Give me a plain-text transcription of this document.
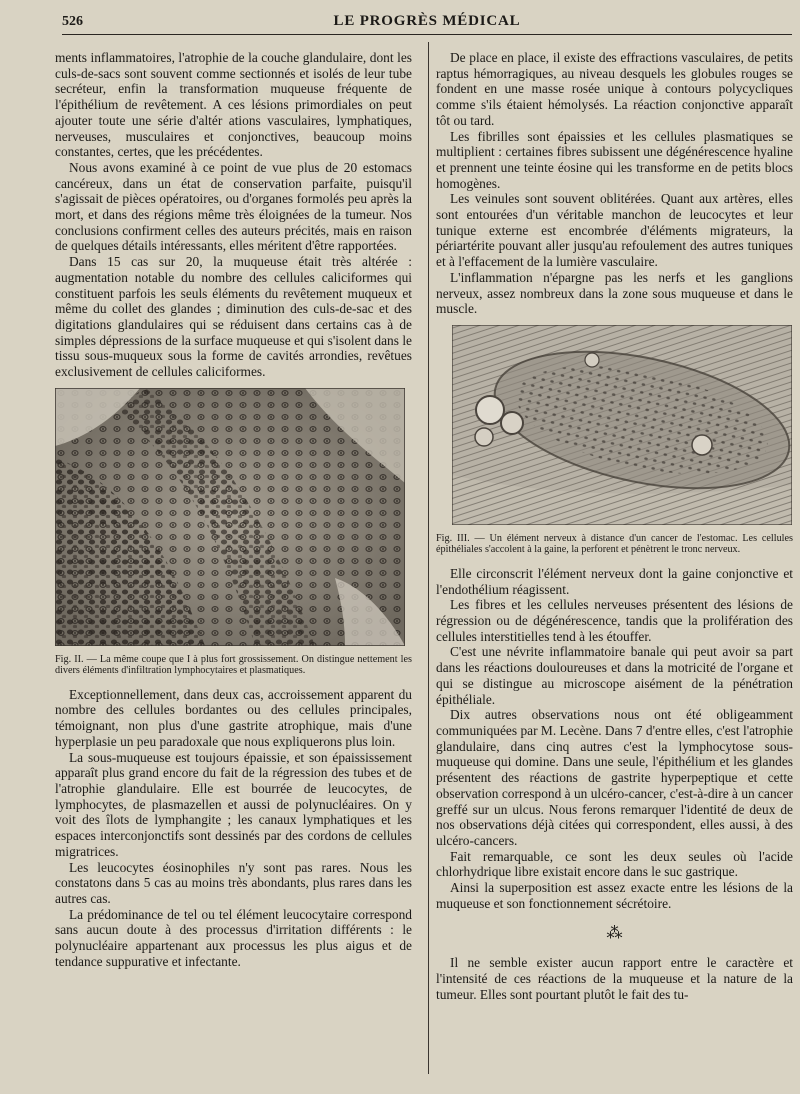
526	LE PROGRÈS MÉDICAL

ments inflammatoires, l'atrophie de la couche glandulaire, dont les culs-de-sacs sont souvent comme sectionnés et isolés de leur tube secréteur, enfin la transformation muqueuse fréquente de l'épithélium de revêtement. A ces lésions primordiales on peut ajouter toute une série d'altér ations vasculaires, lymphatiques, nerveuses, musculaires et conjonctives, beaucoup moins constantes, certes, que les précédentes.

Nous avons examiné à ce point de vue plus de 20 estomacs cancéreux, dans un état de conservation parfaite, puisqu'il s'agissait de pièces opératoires, ou d'organes formolés peu après la mort, et dans des régions même très éloignées de la tumeur. Nos conclusions confirment celles des auteurs précités, mais en raison de quelques détails intéressants, elles méritent d'être rapportées.

Dans 15 cas sur 20, la muqueuse était très altérée : augmentation notable du nombre des cellules caliciformes qui constituent parfois les seuls éléments du revêtement muqueux et même du collet des glandes ; diminution des culs-de-sac et des digitations glandulaires qui se réduisent dans certains cas à de simples dépressions de la surface muqueuse et qui s'isolent dans le tissu sous-muqueux sous la forme de cavités arrondies, revêtues exclusivement de cellules caliciformes.

Fig. II. — La même coupe que I à plus fort grossissement. On distingue nettement les divers éléments d'infiltration lymphocytaires et plasmatiques.

Exceptionnellement, dans deux cas, accroissement apparent du nombre des cellules bordantes ou des cellules principales, témoignant, non plus d'une gastrite atrophique, mais d'une hyperplasie un peu paradoxale que nous expliquerons plus loin.

La sous-muqueuse est toujours épaissie, et son épaississement apparaît plus grand encore du fait de la régression des tubes et de l'atrophie glandulaire. Elle est bourrée de leucocytes, de lymphocytes, de plasmazellen et aussi de polynucléaires. On y voit des îlots de lymphangite ; les canaux lymphatiques et les espaces interconjonctifs sont dessinés par des cordons de cellules migratrices.

Les leucocytes éosinophiles n'y sont pas rares. Nous les constatons dans 5 cas au moins très abondants, plus rares dans les autres cas.

La prédominance de tel ou tel élément leucocytaire correspond sans aucun doute à des processus d'irritation différents : le polynucléaire appartenant aux processus les plus aigus et de tendance suppurative et infectante.

De place en place, il existe des effractions vasculaires, de petits raptus hémorragiques, au niveau desquels les globules rouges se fondent en une masse rosée unique à contours polycycliques comme s'ils étaient hémolysés. La réaction conjonctive apparaît tôt ou tard.

Les fibrilles sont épaissies et les cellules plasmatiques se multiplient : certaines fibres subissent une dégénérescence hyaline et prennent une teinte éosine qui les transforme en de petits blocs homogènes.

Les veinules sont souvent oblitérées. Quant aux artères, elles sont entourées d'un véritable manchon de leucocytes et leur tunique externe est encombrée d'éléments migrateurs, la périartérite pouvant aller jusqu'au refoulement des autres tuniques et à l'effacement de la lumière vasculaire.

L'inflammation n'épargne pas les nerfs et les ganglions nerveux, assez nombreux dans la zone sous muqueuse et dans le muscle.

Fig. III. — Un élément nerveux à distance d'un cancer de l'estomac. Les cellules épithéliales s'accolent à la gaine, la perforent et pénètrent le tronc nerveux.

Elle circonscrit l'élément nerveux dont la gaine conjonctive et l'endothélium réagissent.

Les fibres et les cellules nerveuses présentent des lésions de régression ou de dégénérescence, tandis que la prolifération des cellules interstitielles tend à les étouffer.

C'est une névrite inflammatoire banale qui peut avoir sa part dans les réactions douloureuses et dans la motricité de l'organe et qui se distingue au microscope aisément de la pénétration épithéliale.

Dix autres observations nous ont été obligeamment communiquées par M. Lecène. Dans 7 d'entre elles, c'est l'atrophie glandulaire, dans cinq autres c'est la lymphocytose sous-muqueuse qui domine. Dans une seule, l'épithélium et les glandes présentent des réactions de gastrite hyperpeptique et cette observation correspond à un ulcéro-cancer, c'est-à-dire à un cancer greffé sur un ulcus. Nous ferons remarquer l'identité de deux de nos observations déjà citées qui correspondent, elles aussi, à des ulcéro-cancers.

Fait remarquable, ce sont les deux seules où l'acide chlorhydrique libre existait encore dans le suc gastrique.

Ainsi la superposition est assez exacte entre les lésions de la muqueuse et son fonctionnement sécrétoire.

⁂

Il ne semble exister aucun rapport entre le caractère et l'intensité de ces réactions de la muqueuse et la nature de la tumeur. Elles sont pourtant plutôt le fait des tu-
